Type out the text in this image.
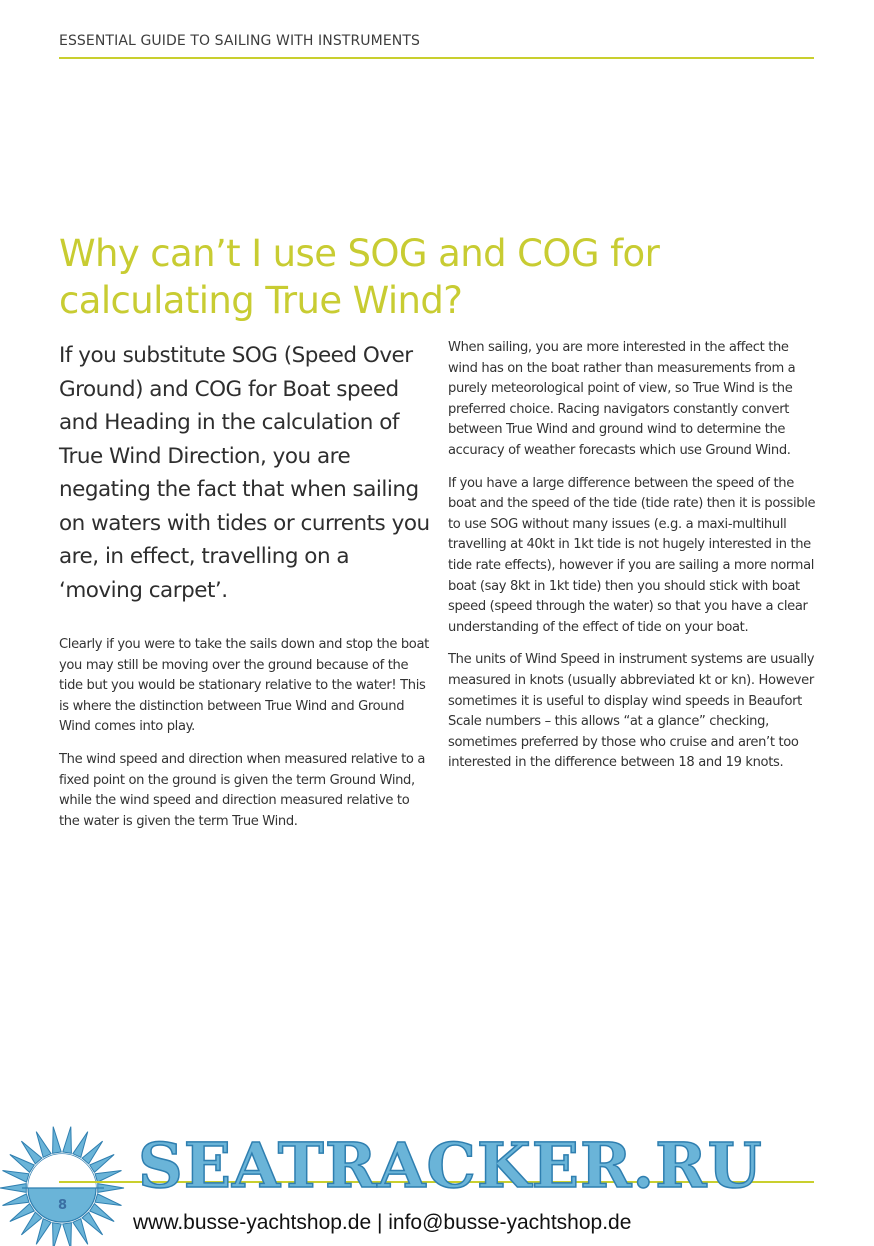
ESSENTIAL GUIDE TO SAILING WITH INSTRUMENTS
Why can’t I use SOG and COG for calculating True Wind?

If you substitute SOG (Speed Over Ground) and COG for Boat speed and Heading in the calculation of True Wind Direction, you are negating the fact that when sailing on waters with tides or currents you are, in effect, travelling on a ‘moving carpet’.

Clearly if you were to take the sails down and stop the boat you may still be moving over the ground because of the tide but you would be stationary relative to the water! This is where the distinction between True Wind and Ground Wind comes into play.

The wind speed and direction when measured relative to a fixed point on the ground is given the term Ground Wind, while the wind speed and direction measured relative to the water is given the term True Wind.

When sailing, you are more interested in the affect the wind has on the boat rather than measurements from a purely meteorological point of view, so True Wind is the preferred choice. Racing navigators constantly convert between True Wind and ground wind to determine the accuracy of weather forecasts which use Ground Wind.

If you have a large difference between the speed of the boat and the speed of the tide (tide rate) then it is possible to use SOG without many issues (e.g. a maxi-multihull travelling at 40kt in 1kt tide is not hugely interested in the tide rate effects), however if you are sailing a more normal boat (say 8kt in 1kt tide) then you should stick with boat speed (speed through the water) so that you have a clear understanding of the effect of tide on your boat.

The units of Wind Speed in instrument systems are usually measured in knots (usually abbreviated kt or kn). However sometimes it is useful to display wind speeds in Beaufort Scale numbers – this allows “at a glance” checking, sometimes preferred by those who cruise and aren’t too interested in the difference between 18 and 19 knots.

SEATRACKER.RU
8
www.busse-yachtshop.de | info@busse-yachtshop.de
